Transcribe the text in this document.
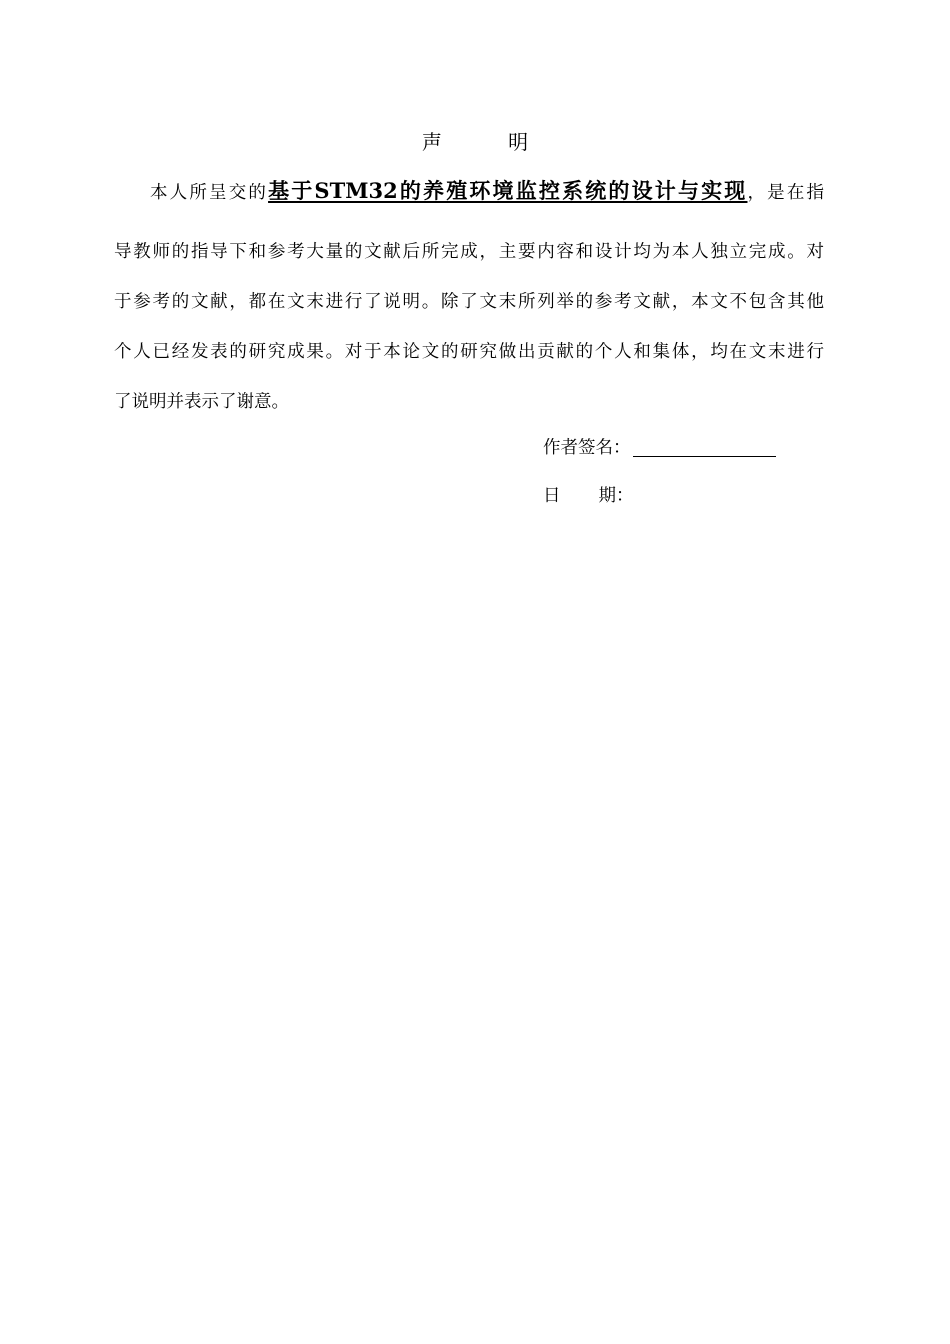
声 明
本人所呈交的基于STM32的养殖环境监控系统的设计与实现，是在指
导教师的指导下和参考大量的文献后所完成，主要内容和设计均为本人独立完成。对
于参考的文献，都在文末进行了说明。除了文末所列举的参考文献，本文不包含其他
个人已经发表的研究成果。对于本论文的研究做出贡献的个人和集体，均在文末进行
了说明并表示了谢意。
作者签名：
日期：
